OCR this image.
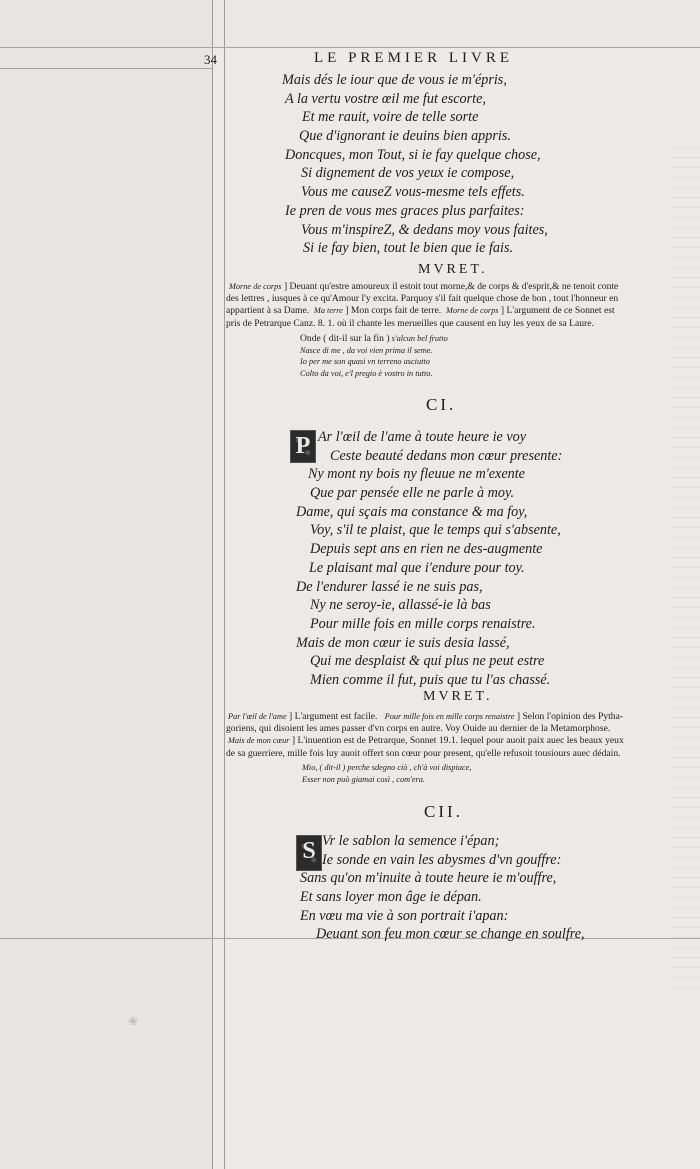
34	LE PREMIER LIVRE
Mais dés le iour que de vous ie m'épris,
A la vertu vostre œil me fut escorte,
Et me rauit, voire de telle sorte
Que d'ignorant ie deuins bien appris.
Doncques, mon Tout, si ie fay quelque chose,
Si dignement de vos yeux ie compose,
Vous me causeZ vous-mesme tels effets.
Ie pren de vous mes graces plus parfaites:
Vous m'inspireZ, & dedans moy vous faites,
Si ie fay bien, tout le bien que ie fais.
MVRET.
Morne de corps ] Deuant qu'estre amoureux il estoit tout morne,& de corps & d'esprit,& ne tenoit conte
des lettres , iusques à ce qu'Amour l'y excita. Parquoy s'il fait quelque chose de bon , tout l'honneur en
appartient à sa Dame. Ma terre ] Mon corps fait de terre. Morne de corps ] L'argument de ce Sonnet est
pris de Petrarque Canz. 8. 1. où il chante les merueilles que causent en luy les yeux de sa Laure.
Onde ( dit-il sur la fin ) s'alcun bel frutto
Nasce di me , da voi vien prima il seme.
Io per me son quasi vn terreno asciutto
Colto da voi, e'l pregio è vostro in tutto.
CI.
P Ar l'œil de l'ame à toute heure ie voy
Ceste beauté dedans mon cœur presente:
Ny mont ny bois ny fleuue ne m'exente
Que par pensée elle ne parle à moy.
Dame, qui sçais ma constance & ma foy,
Voy, s'il te plaist, que le temps qui s'absente,
Depuis sept ans en rien ne des-augmente
Le plaisant mal que i'endure pour toy.
De l'endurer lassé ie ne suis pas,
Ny ne seroy-ie, allassé-ie là bas
Pour mille fois en mille corps renaistre.
Mais de mon cœur ie suis desia lassé,
Qui me desplaist & qui plus ne peut estre
Mien comme il fut, puis que tu l'as chassé.
MVRET.
Par l'œil de l'ame ] L'argument est facile. Pour mille fois en mille corps renaistre ] Selon l'opinion des Pytha-
goriens, qui disoient les ames passer d'vn corps en autre. Voy Ouide au dernier de la Metamorphose.
Mais de mon cœur ] L'inuention est de Petrarque, Sonnet 19.1. lequel pour auoit paix auec les beaux yeux
de sa guerriere, mille fois luy auoit offert son cœur pour present, qu'elle refusoit tousiours auec dédain.
Mio, ( dit-il ) perche sdegno ciò , ch'à voi dispiace,
Esser non può giamai così , com'era.
CII.
S Vr le sablon la semence i'épan;
Ie sonde en vain les abysmes d'vn gouffre:
Sans qu'on m'inuite à toute heure ie m'ouffre,
Et sans loyer mon âge ie dépan.
En vœu ma vie à son portrait i'apan:
Deuant son feu mon cœur se change en soulfre,
❀
